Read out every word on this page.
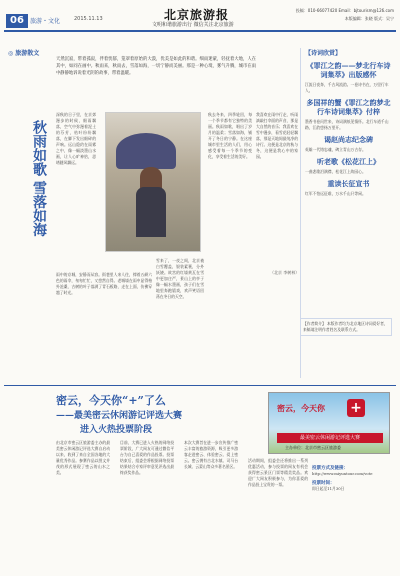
06	旅游・文化	2015.11.13	北京旅游报
文明和谐旅游出行 微信关注北京旅游
投稿：010-66077420 Email：bjtourism@126.com
本版编辑：张晓 版式：吴宁
◎ 旅游散文
天然沉寂，带着孤寂，伴着忧郁，笼罩着原始的大漠，优美是如此的和谐。细雨迷蒙，轻抚着大地，人在其中，如同在画中。秋雨来，秋雨去，雪落如海，一切宁静而美丽。那是一种心境，雾气升腾，城市在雨中静静地诉说着光阴的故事，带着温暖。
秋雨如歌 雪落如海
深秋的日子里，在京郊漫步的时候，细雨飘落，空气中弥漫着泥土的芬芳，枯叶纷纷飘落，在脚下发出细碎的声响。远山隐约在雨雾之中，像一幅淡墨山水画，让人心旷神怡，思绪随风飘远。
雨中的京城，安静而从容。街巷里人来人往，撑着五颜六色的雨伞，匆匆忙忙，又悠然自得。老城墙在雨中显得格外沧桑，古树的叶子落满了青石板路，走在上面，仿佛穿越了时光。
雪来了，一夜之间，北京被白雪覆盖，银装素裹，分外妖娆。故宫的红墙黄瓦在雪中更加庄严，景山上的亭子像一幅水墨画，孩子们在雪地里奔跑嬉戏，欢声笑语回荡在冬日的天空。
秋去冬来，四季轮回，每一个季节都有它独特的美丽。秋雨如歌，唱出了岁月的温柔；雪落如海，铺开了冬日的宁静。在这座城市里生活的人们，用心感受着每一个季节的变化，享受着生活的美好。
我喜欢在雨中行走，听雨滴敲打伞面的声音，那是大自然的音乐；我喜欢在雪中漫步，看雪花轻轻飘落，那是天地间最纯净的诗行。这便是北京的秋与冬，这便是我心中的家园。
（北京 李树林）
【诗词欣赏】
《罪江之韵——梦北行车诗词集萃》出版感怀
江流日夜奔，千古风流韵。一卷诗书在，万里行车人。
多国祥的蟹《罪江之韵梦北行车诗词集萃》付梓
墨香书卷问世来，诗词满纸见情怀。北行车道千山路，江韵悠扬万里开。
谒赵尚志纪念碑
英雄一代铸忠魂，碑立青山万古存。
听老歌《松花江上》
一曲悲歌泪满襟，松花江上故园心。
重读长征宣书
红军不怕远征难，万水千山只等闲。
【作者简介】 本版作者均为北京地区诗词爱好者，来稿请注明作者姓名及联系方式。
密云，今天你“+”了么
——最美密云休闲游记评选大赛
进入火热投票阶段
密云，今天你 +
最美密云休闲游记评选大赛
主办单位：北京市密云区旅游委
由北京市密云区旅游委主办的最美密云休闲游记评选大赛自启动以来，收到了来自全国各地的大量优秀作品。参赛作品以图文并茂的形式展现了密云的山水之美。
目前，大赛已进入火热的网络投票阶段，广大网友可通过微信平台为自己喜爱的作品投票。投票结束后，组委会将根据网络投票结果结合专家评审意见评选出最终获奖作品。
本次大赛旨在进一步宣传推广密云丰富的旅游资源，吸引更多游客走进密云、体验密云、爱上密云。密云拥有古北水镇、司马台长城、云蒙山等众多著名景区。
活动期间，组委会还将推出一系列优惠活动，参与投票的网友有机会获得密云景区门票等精美奖品。欢迎广大网友积极参与，为你喜爱的作品投上宝贵的一票。
投票方式及链接：
http://www.miyuntour.com/vote
投票时间：
即日起至11月30日
